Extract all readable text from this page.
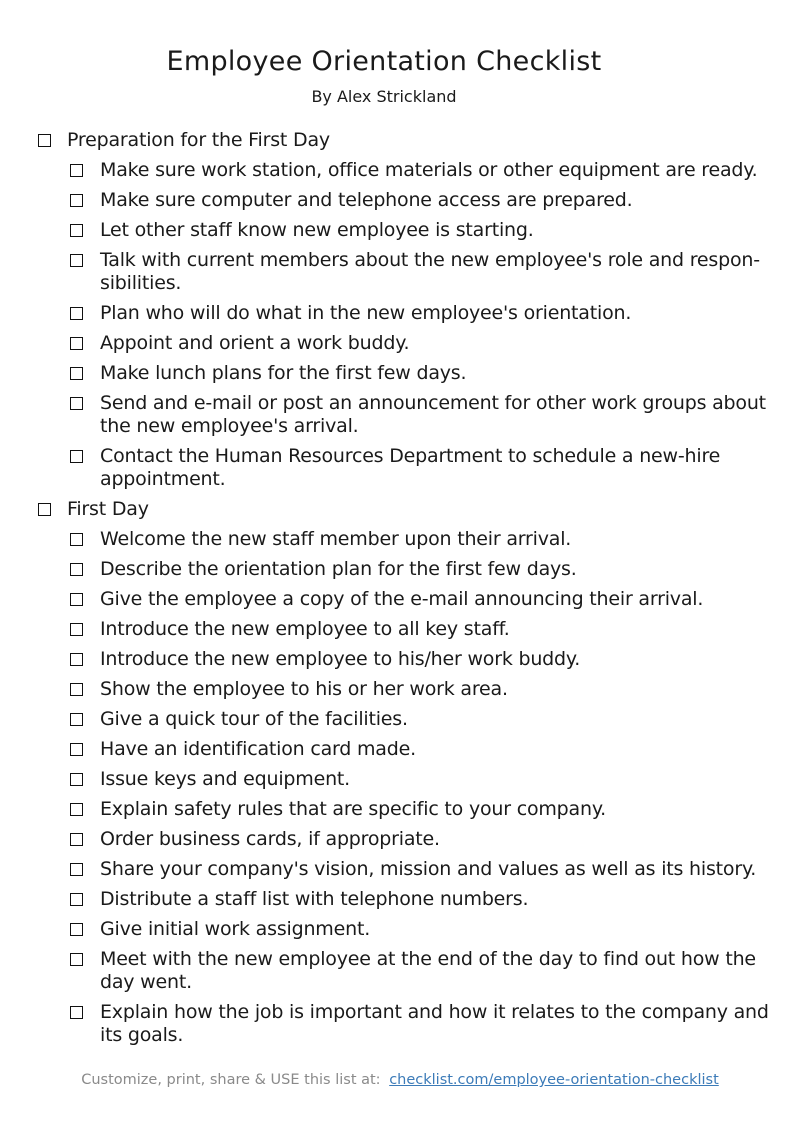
Employee Orientation Checklist
By Alex Strickland
Preparation for the First Day
Make sure work station, office materials or other equipment are ready.
Make sure computer and telephone access are prepared.
Let other staff know new employee is starting.
Talk with current members about the new employee's role and respon-sibilities.
Plan who will do what in the new employee's orientation.
Appoint and orient a work buddy.
Make lunch plans for the first few days.
Send and e-mail or post an announcement for other work groups about the new employee's arrival.
Contact the Human Resources Department to schedule a new-hire appointment.
First Day
Welcome the new staff member upon their arrival.
Describe the orientation plan for the first few days.
Give the employee a copy of the e-mail announcing their arrival.
Introduce the new employee to all key staff.
Introduce the new employee to his/her work buddy.
Show the employee to his or her work area.
Give a quick tour of the facilities.
Have an identification card made.
Issue keys and equipment.
Explain safety rules that are specific to your company.
Order business cards, if appropriate.
Share your company's vision, mission and values as well as its history.
Distribute a staff list with telephone numbers.
Give initial work assignment.
Meet with the new employee at the end of the day to find out how the day went.
Explain how the job is important and how it relates to the company and its goals.
Customize, print, share & USE this list at: checklist.com/employee-orientation-checklist
